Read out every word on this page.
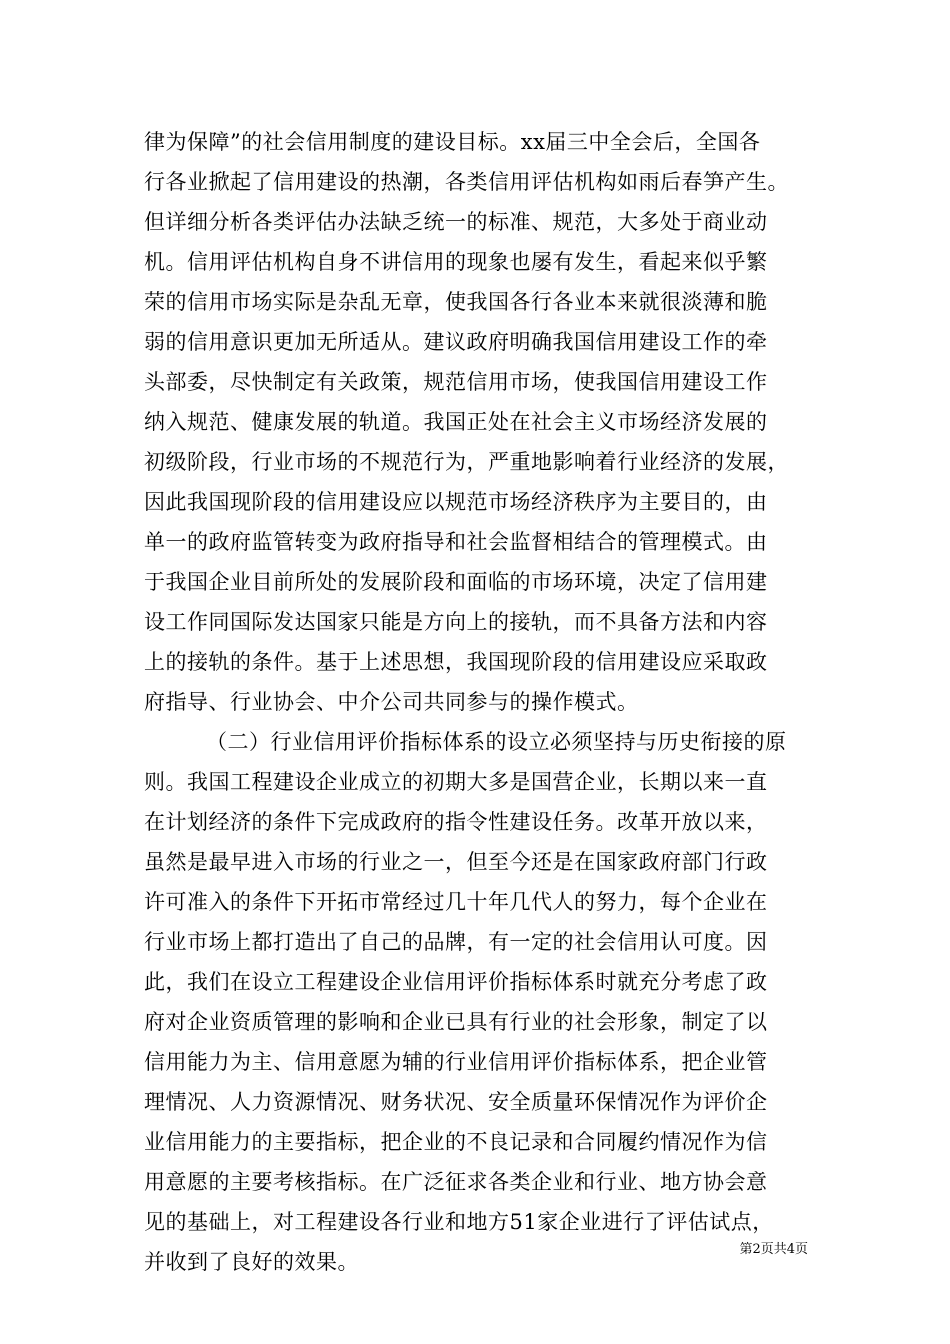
律为保障”的社会信用制度的建设目标。xx届三中全会后，全国各
行各业掀起了信用建设的热潮，各类信用评估机构如雨后春笋产生。
但详细分析各类评估办法缺乏统一的标准、规范，大多处于商业动
机。信用评估机构自身不讲信用的现象也屡有发生，看起来似乎繁
荣的信用市场实际是杂乱无章，使我国各行各业本来就很淡薄和脆
弱的信用意识更加无所适从。建议政府明确我国信用建设工作的牵
头部委，尽快制定有关政策，规范信用市场，使我国信用建设工作
纳入规范、健康发展的轨道。我国正处在社会主义市场经济发展的
初级阶段，行业市场的不规范行为，严重地影响着行业经济的发展，
因此我国现阶段的信用建设应以规范市场经济秩序为主要目的，由
单一的政府监管转变为政府指导和社会监督相结合的管理模式。由
于我国企业目前所处的发展阶段和面临的市场环境，决定了信用建
设工作同国际发达国家只能是方向上的接轨，而不具备方法和内容
上的接轨的条件。基于上述思想，我国现阶段的信用建设应采取政
府指导、行业协会、中介公司共同参与的操作模式。
（二）行业信用评价指标体系的设立必须坚持与历史衔接的原
则。我国工程建设企业成立的初期大多是国营企业，长期以来一直
在计划经济的条件下完成政府的指令性建设任务。改革开放以来，
虽然是最早进入市场的行业之一，但至今还是在国家政府部门行政
许可准入的条件下开拓市常经过几十年几代人的努力，每个企业在
行业市场上都打造出了自己的品牌，有一定的社会信用认可度。因
此，我们在设立工程建设企业信用评价指标体系时就充分考虑了政
府对企业资质管理的影响和企业已具有行业的社会形象，制定了以
信用能力为主、信用意愿为辅的行业信用评价指标体系，把企业管
理情况、人力资源情况、财务状况、安全质量环保情况作为评价企
业信用能力的主要指标，把企业的不良记录和合同履约情况作为信
用意愿的主要考核指标。在广泛征求各类企业和行业、地方协会意
见的基础上，对工程建设各行业和地方51家企业进行了评估试点，
并收到了良好的效果。
第2页共4页
